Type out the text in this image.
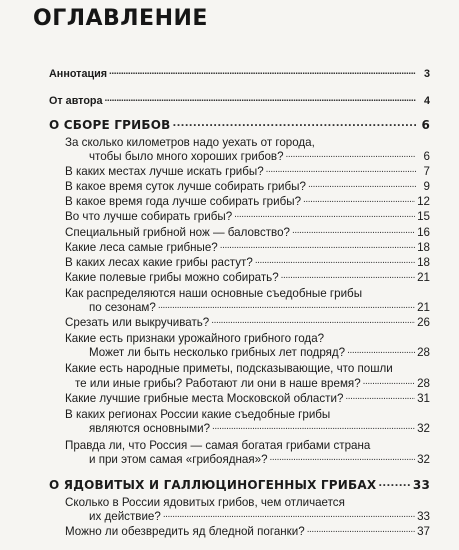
ОГЛАВЛЕНИЕ
Аннотация . . .	3
От автора . . .	4
О СБОРЕ ГРИБОВ . . .	6
За сколько километров надо уехать от города,
чтобы было много хороших грибов? . . .	6
В каких местах лучше искать грибы? . . .	7
В какое время суток лучше собирать грибы? . . .	9
В какое время года лучше собирать грибы? . . .	12
Во что лучше собирать грибы? . . .	15
Специальный грибной нож — баловство? . . .	16
Какие леса самые грибные? . . .	18
В каких лесах какие грибы растут? . . .	18
Какие полевые грибы можно собирать? . . .	21
Как распределяются наши основные съедобные грибы
по сезонам? . . .	21
Срезать или выкручивать? . . .	26
Какие есть признаки урожайного грибного года?
Может ли быть несколько грибных лет подряд? . . .	28
Какие есть народные приметы, подсказывающие, что пошли
те или иные грибы? Работают ли они в наше время? . . .	28
Какие лучшие грибные места Московской области? . . .	31
В каких регионах России какие съедобные грибы
являются основными? . . .	32
Правда ли, что Россия — самая богатая грибами страна
и при этом самая «грибоядная»? . . .	32
О ЯДОВИТЫХ И ГАЛЛЮЦИНОГЕННЫХ ГРИБАХ . . .	33
Сколько в России ядовитых грибов, чем отличается
их действие? . . .	33
Можно ли обезвредить яд бледной поганки? . . .	37
